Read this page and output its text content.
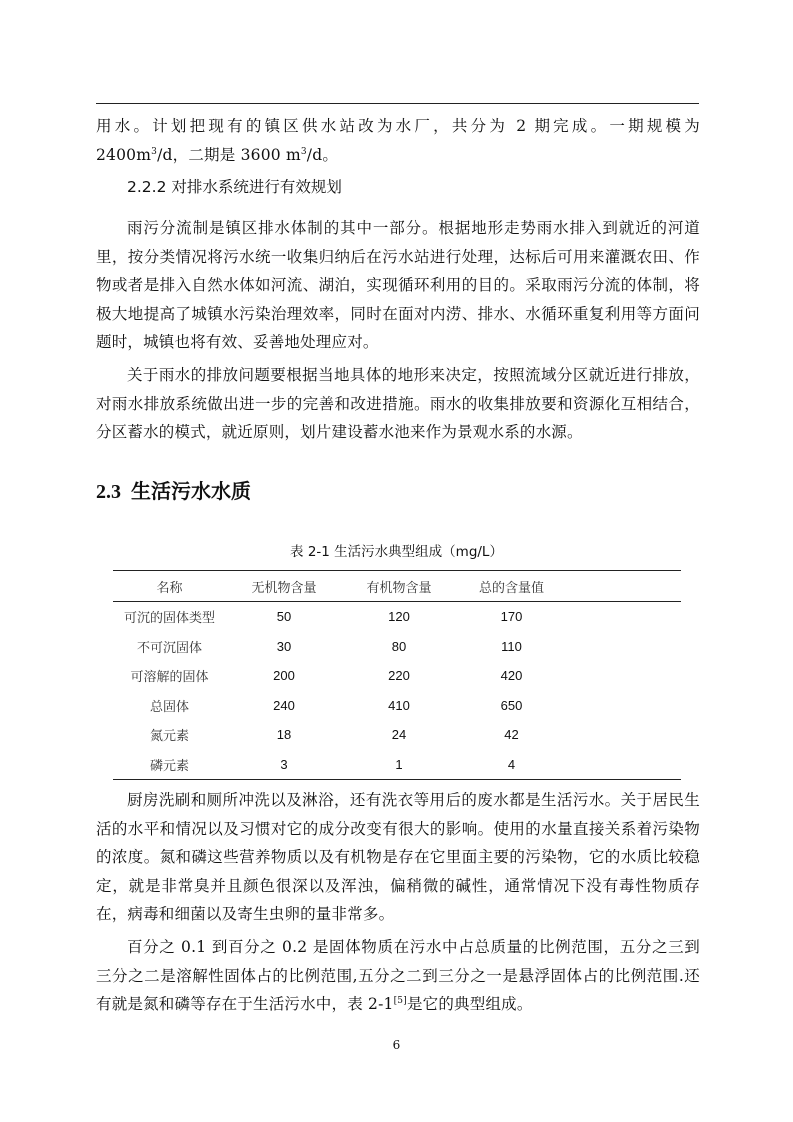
用水。计划把现有的镇区供水站改为水厂，共分为 2 期完成。一期规模为 $2400m^3/d$，二期是 3600 $m^3/d$。

2.2.2 对排水系统进行有效规划

雨污分流制是镇区排水体制的其中一部分。根据地形走势雨水排入到就近的河道里，按分类情况将污水统一收集归纳后在污水站进行处理，达标后可用来灌溉农田、作物或者是排入自然水体如河流、湖泊，实现循环利用的目的。采取雨污分流的体制，将极大地提高了城镇水污染治理效率，同时在面对内涝、排水、水循环重复利用等方面问题时，城镇也将有效、妥善地处理应对。

关于雨水的排放问题要根据当地具体的地形来决定，按照流域分区就近进行排放，对雨水排放系统做出进一步的完善和改进措施。雨水的收集排放要和资源化互相结合，分区蓄水的模式，就近原则，划片建设蓄水池来作为景观水系的水源。

2.3 生活污水水质

表 2-1 生活污水典型组成（mg/L）

名称	无机物含量	有机物含量	总的含量值	
可沉的固体类型	50	120	170	
不可沉固体	30	80	110	
可溶解的固体	200	220	420	
总固体	240	410	650	
氮元素	18	24	42	
磷元素	3	1	4	

厨房洗刷和厕所冲洗以及淋浴，还有洗衣等用后的废水都是生活污水。关于居民生活的水平和情况以及习惯对它的成分改变有很大的影响。使用的水量直接关系着污染物的浓度。氮和磷这些营养物质以及有机物是存在它里面主要的污染物，它的水质比较稳定，就是非常臭并且颜色很深以及浑浊，偏稍微的碱性，通常情况下没有毒性物质存在，病毒和细菌以及寄生虫卵的量非常多。

百分之 0.1 到百分之 0.2 是固体物质在污水中占总质量的比例范围，五分之三到三分之二是溶解性固体占的比例范围,五分之二到三分之一是悬浮固体占的比例范围.还有就是氮和磷等存在于生活污水中，表 2-1[5]是它的典型组成。

6
